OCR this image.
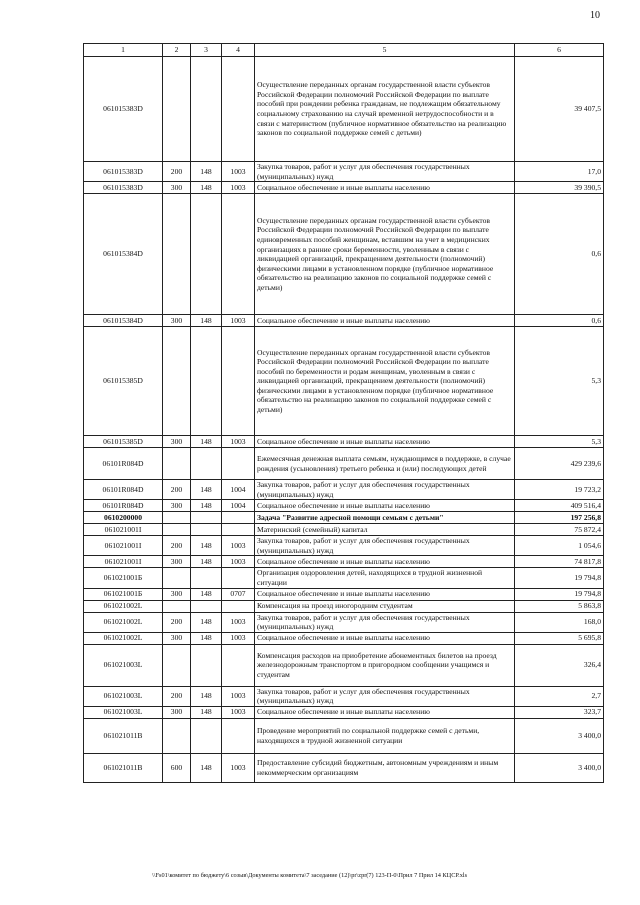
10
1	2	3	4	5	6
061015383D				Осуществление переданных органам государственной власти субъектов Российской Федерации полномочий Российской Федерации по выплате пособий при рождении ребенка гражданам, не подлежащим обязательному социальному страхованию на случай временной нетрудоспособности и в связи с материнством (публичное нормативное обязательство на реализацию законов по социальной поддержке семей с детьми)	39 407,5
061015383D	200	148	1003	Закупка товаров, работ и услуг для обеспечения государственных (муниципальных) нужд	17,0
061015383D	300	148	1003	Социальное обеспечение и иные выплаты населению	39 390,5
061015384D				Осуществление переданных органам государственной власти субъектов Российской Федерации полномочий Российской Федерации по выплате единовременных пособий женщинам, вставшим на учет в медицинских организациях в ранние сроки беременности, уволенным в связи с ликвидацией организаций, прекращением деятельности (полномочий) физическими лицами в установленном порядке (публичное нормативное обязательство на реализацию законов по социальной поддержке семей с детьми)	0,6
061015384D	300	148	1003	Социальное обеспечение и иные выплаты населению	0,6
061015385D				Осуществление переданных органам государственной власти субъектов Российской Федерации полномочий Российской Федерации по выплате пособий по беременности и родам женщинам, уволенным в связи с ликвидацией организаций, прекращением деятельности (полномочий) физическими лицами в установленном порядке (публичное нормативное обязательство на реализацию законов по социальной поддержке семей с детьми)	5,3
061015385D	300	148	1003	Социальное обеспечение и иные выплаты населению	5,3
06101R084D				Ежемесячная денежная выплата семьям, нуждающимся в поддержке, в случае рождения (усыновления) третьего ребенка и (или) последующих детей	429 239,6
06101R084D	200	148	1004	Закупка товаров, работ и услуг для обеспечения государственных (муниципальных) нужд	19 723,2
06101R084D	300	148	1004	Социальное обеспечение и иные выплаты населению	409 516,4
0610200000				Задача "Развитие адресной помощи семьям с детьми"	197 256,8
061021001I				Материнский (семейный) капитал	75 872,4
061021001I	200	148	1003	Закупка товаров, работ и услуг для обеспечения государственных (муниципальных) нужд	1 054,6
061021001I	300	148	1003	Социальное обеспечение и иные выплаты населению	74 817,8
061021001Б				Организация оздоровления детей, находящихся в трудной жизненной ситуации	19 794,8
061021001Б	300	148	0707	Социальное обеспечение и иные выплаты населению	19 794,8
061021002L				Компенсация на проезд иногородним студентам	5 863,8
061021002L	200	148	1003	Закупка товаров, работ и услуг для обеспечения государственных (муниципальных) нужд	168,0
061021002L	300	148	1003	Социальное обеспечение и иные выплаты населению	5 695,8
061021003L				Компенсация расходов на приобретение абонементных билетов на проезд железнодорожным транспортом в пригородном сообщении учащимся и студентам	326,4
061021003L	200	148	1003	Закупка товаров, работ и услуг для обеспечения государственных (муниципальных) нужд	2,7
061021003L	300	148	1003	Социальное обеспечение и иные выплаты населению	323,7
061021011В				Проведение мероприятий по социальной поддержке семей с детьми, находящихся в трудной жизненной ситуации	3 400,0
061021011В	600	148	1003	Предоставление субсидий бюджетным, автономным учреждениям и иным некоммерческим организациям	3 400,0
\\Fs01\комитет по бюджету\6 созыв\Документы комитета\7 заседание (12)\pr\zpr(7) 123-П-0\Прил 7 Прил 14 КЦСР.xls
